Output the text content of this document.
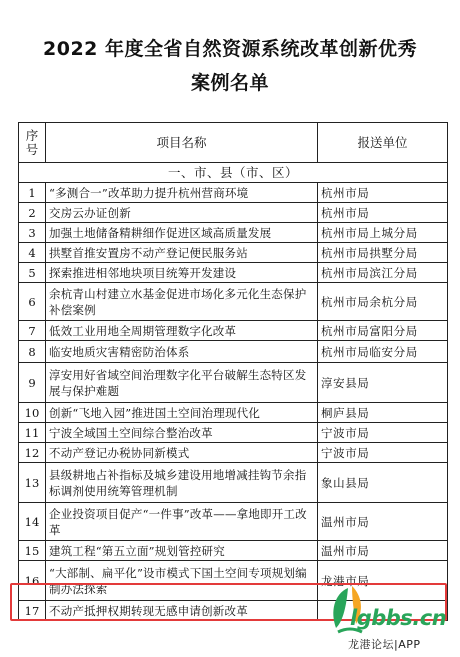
2022 年度全省自然资源系统改革创新优秀
案例名单
序号	项目名称	报送单位
一、市、县（市、区）		
1	“多测合一”改革助力提升杭州营商环境	杭州市局
2	交房云办证创新	杭州市局
3	加强土地储备精耕细作促进区域高质量发展	杭州市局上城分局
4	拱墅首推安置房不动产登记便民服务站	杭州市局拱墅分局
5	探索推进相邻地块项目统筹开发建设	杭州市局滨江分局
6	余杭青山村建立水基金促进市场化多元化生态保护补偿案例	杭州市局余杭分局
7	低效工业用地全周期管理数字化改革	杭州市局富阳分局
8	临安地质灾害精密防治体系	杭州市局临安分局
9	淳安用好省域空间治理数字化平台破解生态特区发展与保护难题	淳安县局
10	创新“飞地入园”推进国土空间治理现代化	桐庐县局
11	宁波全域国土空间综合整治改革	宁波市局
12	不动产登记办税协同新模式	宁波市局
13	县级耕地占补指标及城乡建设用地增减挂钩节余指标调剂使用统筹管理机制	象山县局
14	企业投资项目促产“一件事”改革——拿地即开工改革	温州市局
15	建筑工程“第五立面”规划管控研究	温州市局
16	“大部制、扁平化”设市模式下国土空间专项规划编制办法探索	龙港市局
17	不动产抵押权期转现无感申请创新改革		lgbbs.cn
龙港论坛|APP
